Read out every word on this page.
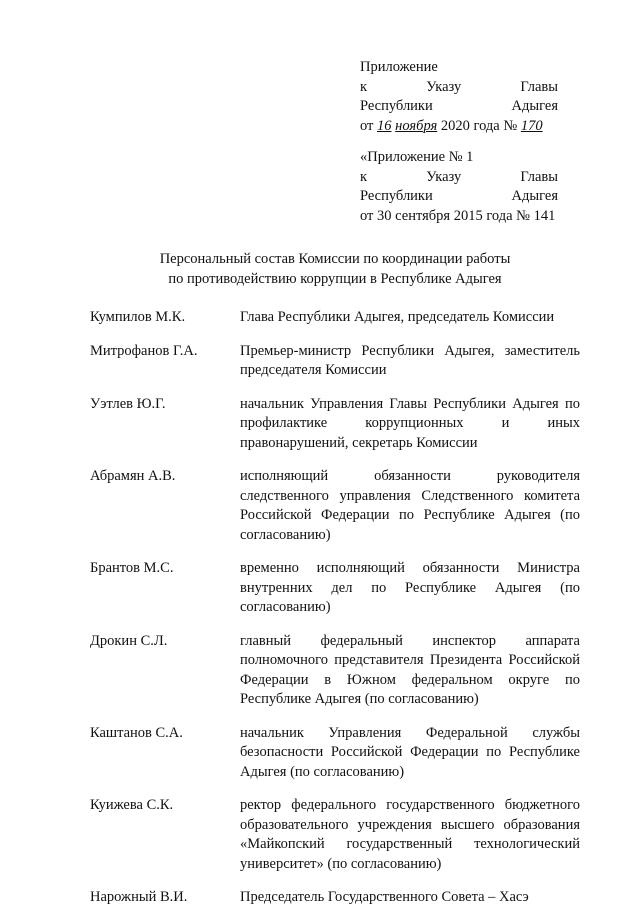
Приложение
к	Указу	Главы
Республики	Адыгея
от 16 ноября 2020 года № 170
«Приложение № 1
к	Указу	Главы
Республики	Адыгея
от 30 сентября 2015 года № 141
Персональный состав Комиссии по координации работы
по противодействию коррупции в Республике Адыгея
Кумпилов М.К.	Глава Республики Адыгея, председатель Комиссии
Митрофанов Г.А.	Премьер-министр Республики Адыгея, заместитель председателя Комиссии
Уэтлев Ю.Г.	начальник Управления Главы Республики Адыгея по профилактике коррупционных и иных правонарушений, секретарь Комиссии
Абрамян А.В.	исполняющий обязанности руководителя следственного управления Следственного комитета Российской Федерации по Республике Адыгея (по согласованию)
Брантов М.С.	временно исполняющий обязанности Министра внутренних дел по Республике Адыгея (по согласованию)
Дрокин С.Л.	главный федеральный инспектор аппарата полномочного представителя Президента Российской Федерации в Южном федеральном округе по Республике Адыгея (по согласованию)
Каштанов С.А.	начальник Управления Федеральной службы безопасности Российской Федерации по Республике Адыгея (по согласованию)
Куижева С.К.	ректор федерального государственного бюджетного образовательного учреждения высшего образования «Майкопский государственный технологический университет» (по согласованию)
Нарожный В.И.	Председатель Государственного Совета – Хасэ
